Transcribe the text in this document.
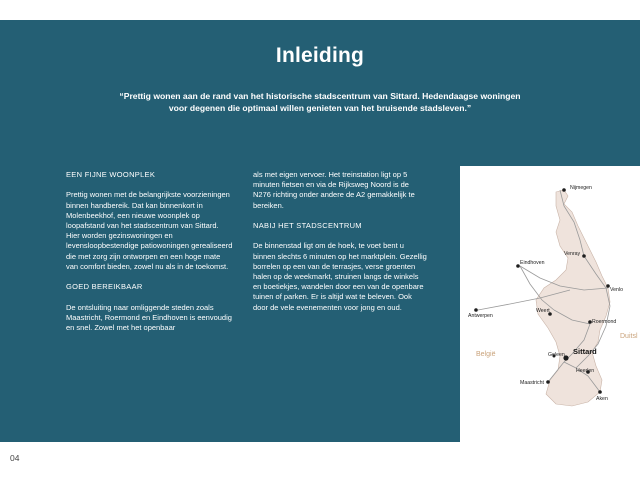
Inleiding
“Prettig wonen aan de rand van het historische stadscentrum van Sittard. Hedendaagse woningen
voor degenen die optimaal willen genieten van het bruisende stadsleven.”
EEN FIJNE WOONPLEK

Prettig wonen met de belangrijkste voorzieningen binnen handbereik. Dat kan binnenkort in Molenbeekhof, een nieuwe woonplek op loopafstand van het stadscentrum van Sittard. Hier worden gezinswoningen en levensloopbestendige patiowoningen gerealiseerd die met zorg zijn ontworpen en een hoge mate van comfort bieden, zowel nu als in de toekomst.

GOED BEREIKBAAR

De ontsluiting naar omliggende steden zoals Maastricht, Roermond en Eindhoven is eenvoudig en snel. Zowel met het openbaar

als met eigen vervoer. Het treinstation ligt op 5 minuten fietsen en via de Rijksweg Noord is de N276 richting onder andere de A2 gemakkelijk te bereiken.

NABIJ HET STADSCENTRUM

De binnenstad ligt om de hoek, te voet bent u binnen slechts 6 minuten op het marktplein. Gezellig borrelen op een van de terrasjes, verse groenten halen op de weekmarkt, struinen langs de winkels en boetiekjes, wandelen door een van de openbare tuinen of parken. Er is altijd wat te beleven. Ook door de vele evenementen voor jong en oud.

Nijmegen
Eindhoven
Venray
Venlo
Antwerpen
Weert
Roermond
Geleen
Heerlen
Maastricht
Aken
Sittard
België
Duitsl
04
